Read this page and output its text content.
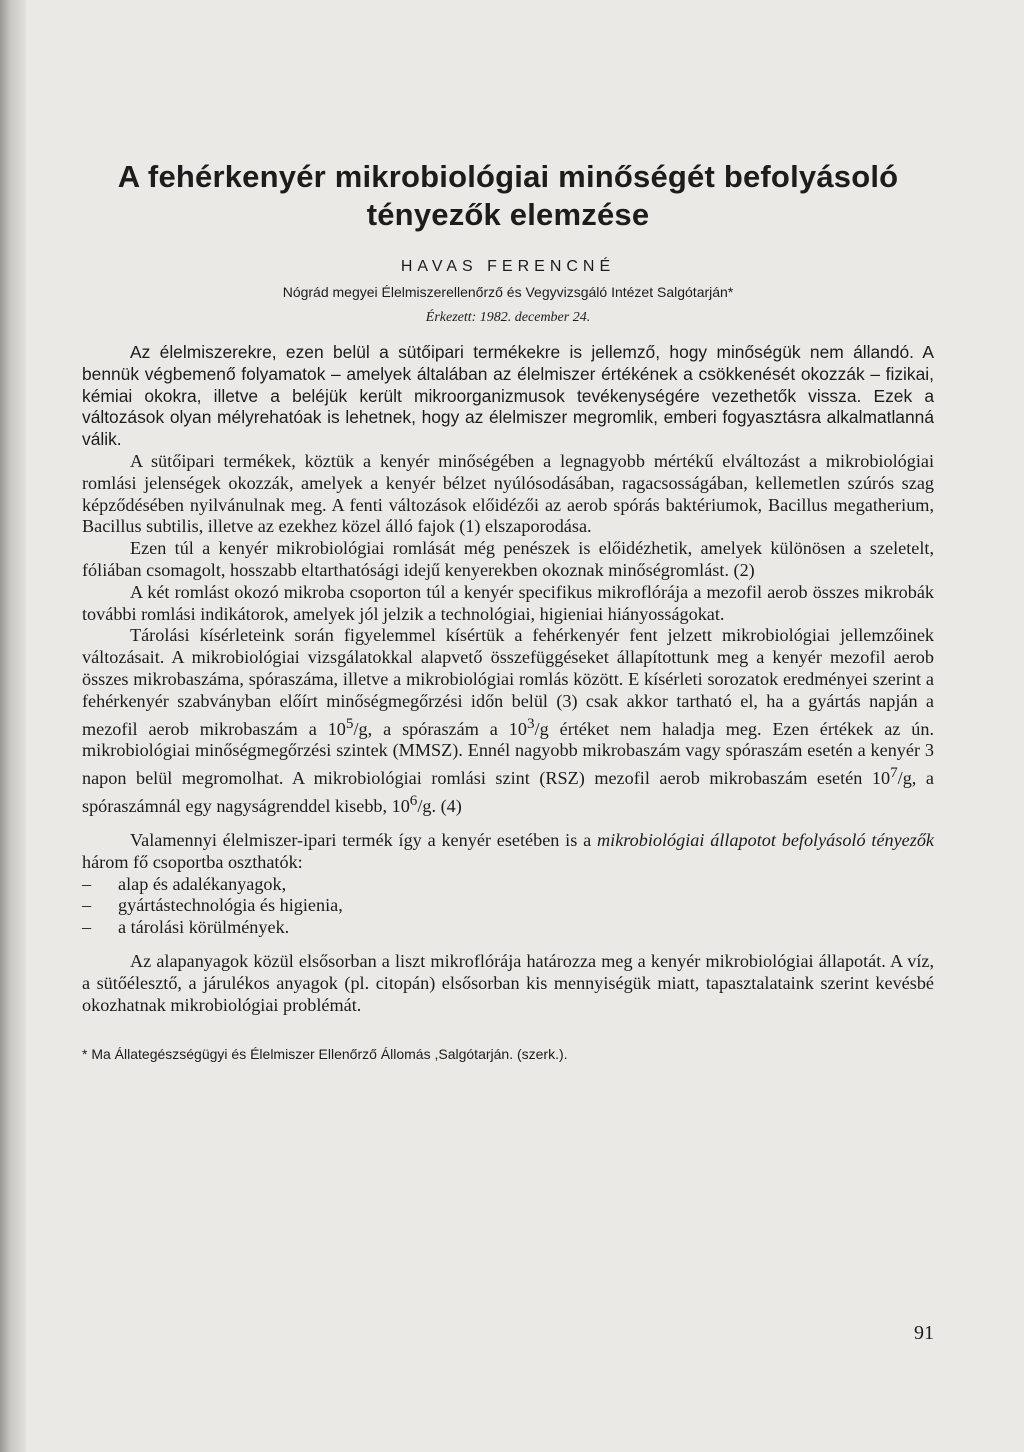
A fehérkenyér mikrobiológiai minőségét befolyásoló
tényezők elemzése
HAVAS FERENCNÉ
Nógrád megyei Élelmiszerellenőrző és Vegyvizsgáló Intézet Salgótarján*
Érkezett: 1982. december 24.

Az élelmiszerekre, ezen belül a sütőipari termékekre is jellemző, hogy minőségük nem állandó. A bennük végbemenő folyamatok – amelyek általában az élelmiszer értékének a csökkenését okozzák – fizikai, kémiai okokra, illetve a beléjük került mikroorganizmusok tevékenységére vezethetők vissza. Ezek a változások olyan mélyrehatóak is lehetnek, hogy az élelmiszer megromlik, emberi fogyasztásra alkalmatlanná válik.

A sütőipari termékek, köztük a kenyér minőségében a legnagyobb mértékű elváltozást a mikrobiológiai romlási jelenségek okozzák, amelyek a kenyér bélzet nyúlósodásában, ragacsosságában, kellemetlen szúrós szag képződésében nyilvánulnak meg. A fenti változások előidézői az aerob spórás baktériumok, Bacillus megatherium, Bacillus subtilis, illetve az ezekhez közel álló fajok (1) elszaporodása.

Ezen túl a kenyér mikrobiológiai romlását még penészek is előidézhetik, amelyek különösen a szeletelt, fóliában csomagolt, hosszabb eltarthatósági idejű kenyerekben okoznak minőségromlást. (2)

A két romlást okozó mikroba csoporton túl a kenyér specifikus mikroflórája a mezofil aerob összes mikrobák további romlási indikátorok, amelyek jól jelzik a technológiai, higieniai hiányosságokat.

Tárolási kísérleteink során figyelemmel kísértük a fehérkenyér fent jelzett mikrobiológiai jellemzőinek változásait. A mikrobiológiai vizsgálatokkal alapvető összefüggéseket állapítottunk meg a kenyér mezofil aerob összes mikrobaszáma, spóraszáma, illetve a mikrobiológiai romlás között. E kísérleti sorozatok eredményei szerint a fehérkenyér szabványban előírt minőségmegőrzési időn belül (3) csak akkor tartható el, ha a gyártás napján a mezofil aerob mikrobaszám a $10^5/g$, a spóraszám a $10^3/g$ értéket nem haladja meg. Ezen értékek az ún. mikrobiológiai minőségmegőrzési szintek (MMSZ). Ennél nagyobb mikrobaszám vagy spóraszám esetén a kenyér 3 napon belül megromolhat. A mikrobiológiai romlási szint (RSZ) mezofil aerob mikrobaszám esetén $10^7/g$, a spóraszámnál egy nagyságrenddel kisebb, $10^6/g$. (4)

Valamennyi élelmiszer-ipari termék így a kenyér esetében is a mikrobiológiai állapotot befolyásoló tényezők három fő csoportba oszthatók:

– alap és adalékanyagok,
– gyártástechnológia és higienia,
– a tárolási körülmények.

Az alapanyagok közül elsősorban a liszt mikroflórája határozza meg a kenyér mikrobiológiai állapotát. A víz, a sütőélesztő, a járulékos anyagok (pl. citopán) elsősorban kis mennyiségük miatt, tapasztalataink szerint kevésbé okozhatnak mikrobiológiai problémát.

* Ma Állategészségügyi és Élelmiszer Ellenőrző Állomás ,Salgótarján. (szerk.).
91
